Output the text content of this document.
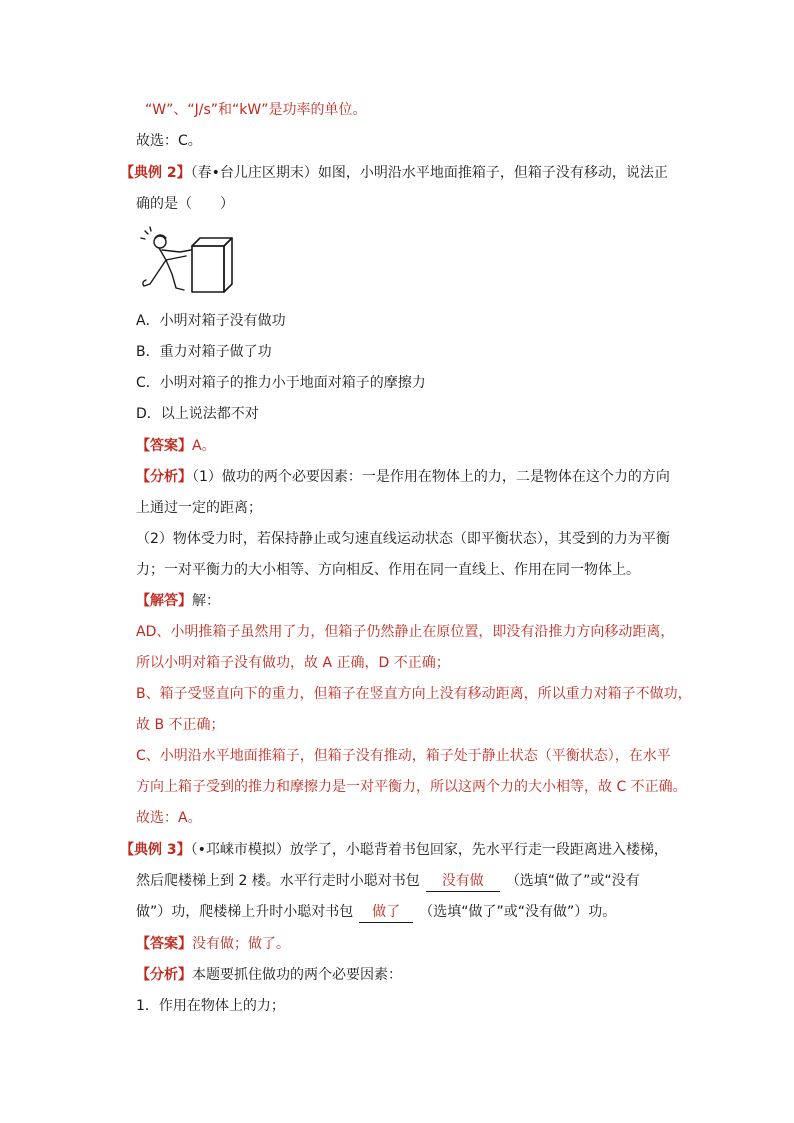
“W”、“J/s”和“kW”是功率的单位。
故选：C。
【典例 2】（春•台儿庄区期末）如图，小明沿水平地面推箱子，但箱子没有移动，说法正
确的是（　　）
A．小明对箱子没有做功
B．重力对箱子做了功
C．小明对箱子的推力小于地面对箱子的摩擦力
D．以上说法都不对
【答案】A。
【分析】（1）做功的两个必要因素：一是作用在物体上的力，二是物体在这个力的方向
上通过一定的距离；
（2）物体受力时，若保持静止或匀速直线运动状态（即平衡状态），其受到的力为平衡
力；一对平衡力的大小相等、方向相反、作用在同一直线上、作用在同一物体上。
【解答】解：
AD、小明推箱子虽然用了力，但箱子仍然静止在原位置，即没有沿推力方向移动距离，
所以小明对箱子没有做功，故 A 正确，D 不正确；
B、箱子受竖直向下的重力，但箱子在竖直方向上没有移动距离，所以重力对箱子不做功，
故 B 不正确；
C、小明沿水平地面推箱子，但箱子没有推动，箱子处于静止状态（平衡状态），在水平
方向上箱子受到的推力和摩擦力是一对平衡力，所以这两个力的大小相等，故 C 不正确。
故选：A。
【典例 3】（•邛崃市模拟）放学了，小聪背着书包回家，先水平行走一段距离进入楼梯，
然后爬楼梯上到 2 楼。水平行走时小聪对书包 没有做 （选填“做了”或“没有
做”）功，爬楼梯上升时小聪对书包 做了 （选填“做了”或“没有做”）功。
【答案】没有做；做了。
【分析】本题要抓住做功的两个必要因素：
1．作用在物体上的力；
